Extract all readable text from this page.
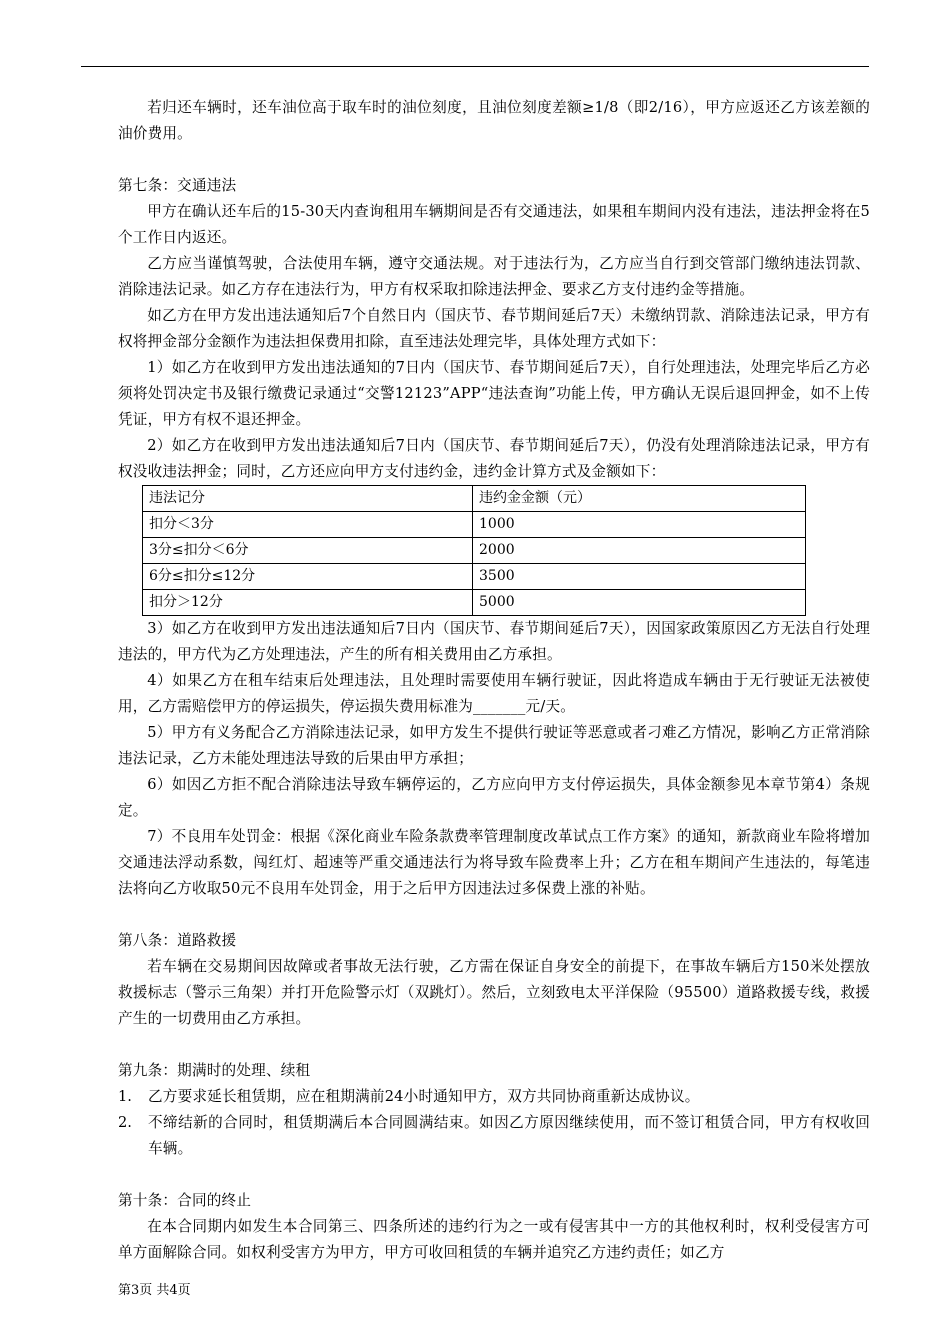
若归还车辆时，还车油位高于取车时的油位刻度，且油位刻度差额≥1/8（即2/16），甲方应返还乙方该差额的油价费用。

第七条：交通违法

甲方在确认还车后的15-30天内查询租用车辆期间是否有交通违法，如果租车期间内没有违法，违法押金将在5个工作日内返还。

乙方应当谨慎驾驶，合法使用车辆，遵守交通法规。对于违法行为，乙方应当自行到交管部门缴纳违法罚款、消除违法记录。如乙方存在违法行为，甲方有权采取扣除违法押金、要求乙方支付违约金等措施。

如乙方在甲方发出违法通知后7个自然日内（国庆节、春节期间延后7天）未缴纳罚款、消除违法记录，甲方有权将押金部分金额作为违法担保费用扣除，直至违法处理完毕，具体处理方式如下：

1）如乙方在收到甲方发出违法通知的7日内（国庆节、春节期间延后7天），自行处理违法，处理完毕后乙方必须将处罚决定书及银行缴费记录通过“交警12123”APP“违法查询”功能上传，甲方确认无误后退回押金，如不上传凭证，甲方有权不退还押金。

2）如乙方在收到甲方发出违法通知后7日内（国庆节、春节期间延后7天），仍没有处理消除违法记录，甲方有权没收违法押金；同时，乙方还应向甲方支付违约金，违约金计算方式及金额如下：

违法记分	违约金金额（元）
扣分＜3分	1000
3分≤扣分＜6分	2000
6分≤扣分≤12分	3500
扣分＞12分	5000

3）如乙方在收到甲方发出违法通知后7日内（国庆节、春节期间延后7天），因国家政策原因乙方无法自行处理违法的，甲方代为乙方处理违法，产生的所有相关费用由乙方承担。

4）如果乙方在租车结束后处理违法，且处理时需要使用车辆行驶证，因此将造成车辆由于无行驶证无法被使用，乙方需赔偿甲方的停运损失，停运损失费用标准为_______元/天。

5）甲方有义务配合乙方消除违法记录，如甲方发生不提供行驶证等恶意或者刁难乙方情况，影响乙方正常消除违法记录，乙方未能处理违法导致的后果由甲方承担；

6）如因乙方拒不配合消除违法导致车辆停运的，乙方应向甲方支付停运损失，具体金额参见本章节第4）条规定。

7）不良用车处罚金：根据《深化商业车险条款费率管理制度改革试点工作方案》的通知，新款商业车险将增加交通违法浮动系数，闯红灯、超速等严重交通违法行为将导致车险费率上升；乙方在租车期间产生违法的，每笔违法将向乙方收取50元不良用车处罚金，用于之后甲方因违法过多保费上涨的补贴。

第八条：道路救援

若车辆在交易期间因故障或者事故无法行驶，乙方需在保证自身安全的前提下，在事故车辆后方150米处摆放救援标志（警示三角架）并打开危险警示灯（双跳灯）。然后，立刻致电太平洋保险（95500）道路救援专线，救援产生的一切费用由乙方承担。

第九条：期满时的处理、续租

1.	乙方要求延长租赁期，应在租期满前24小时通知甲方，双方共同协商重新达成协议。
2.	不缔结新的合同时，租赁期满后本合同圆满结束。如因乙方原因继续使用，而不签订租赁合同，甲方有权收回车辆。

第十条：合同的终止

在本合同期内如发生本合同第三、四条所述的违约行为之一或有侵害其中一方的其他权利时，权利受侵害方可单方面解除合同。如权利受害方为甲方，甲方可收回租赁的车辆并追究乙方违约责任；如乙方

第3页 共4页
